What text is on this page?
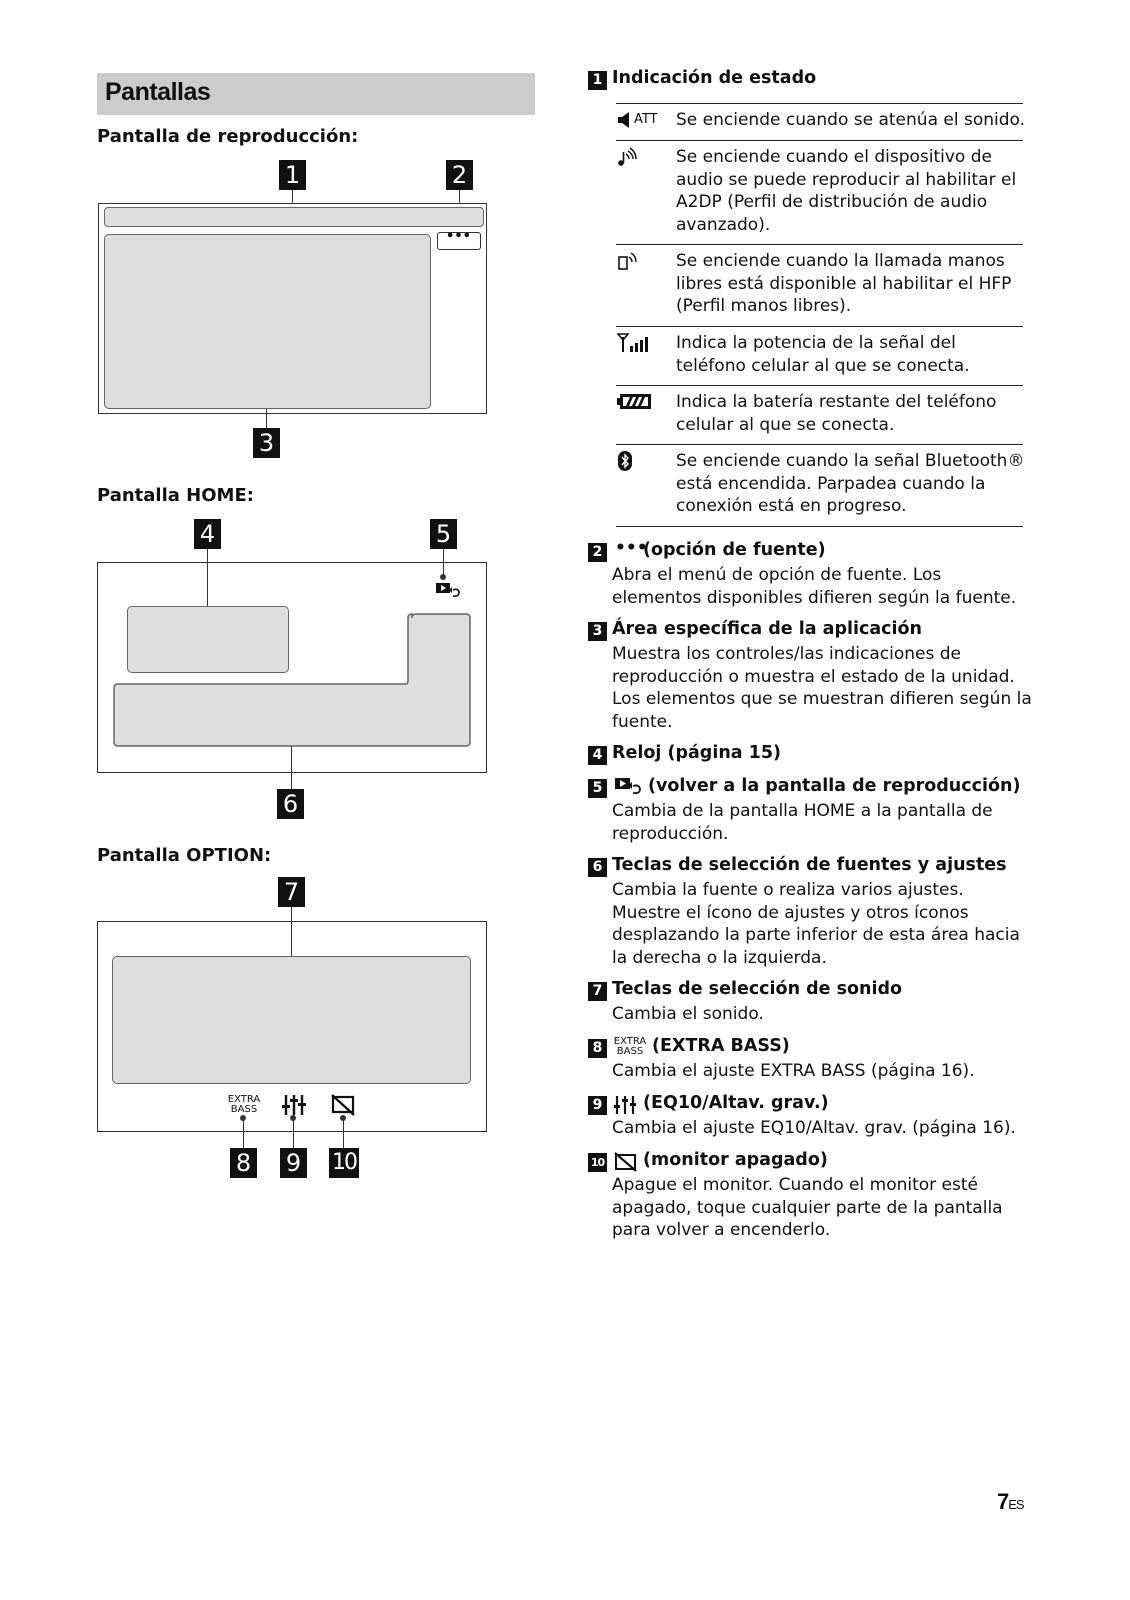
Pantallas
Pantalla de reproducción:
1	2
•••
3
Pantalla HOME:
4	5
6
Pantalla OPTION:
7
EXTRA
BASS
8 9 10
1 Indicación de estado
ATT Se enciende cuando se atenúa el sonido.
Se enciende cuando el dispositivo de audio se puede reproducir al habilitar el A2DP (Perfil de distribución de audio avanzado).
Se enciende cuando la llamada manos libres está disponible al habilitar el HFP (Perfil manos libres).
Indica la potencia de la señal del teléfono celular al que se conecta.
Indica la batería restante del teléfono celular al que se conecta.
Se enciende cuando la señal Bluetooth® está encendida. Parpadea cuando la conexión está en progreso.
2 •••
(opción de fuente)
Abra el menú de opción de fuente. Los elementos disponibles difieren según la fuente.
3 Área específica de la aplicación
Muestra los controles/las indicaciones de reproducción o muestra el estado de la unidad. Los elementos que se muestran difieren según la fuente.
4 Reloj (página 15)
5	(volver a la pantalla de reproducción)
Cambia de la pantalla HOME a la pantalla de reproducción.
6 Teclas de selección de fuentes y ajustes
Cambia la fuente o realiza varios ajustes. Muestre el ícono de ajustes y otros íconos desplazando la parte inferior de esta área hacia la derecha o la izquierda.
7 Teclas de selección de sonido
Cambia el sonido.
8	EXTRA
BASS (EXTRA BASS)
Cambia el ajuste EXTRA BASS (página 16).
9 (EQ10/Altav. grav.)
Cambia el ajuste EQ10/Altav. grav. (página 16).
10 (monitor apagado)
Apague el monitor. Cuando el monitor esté apagado, toque cualquier parte de la pantalla para volver a encenderlo.
7ES
